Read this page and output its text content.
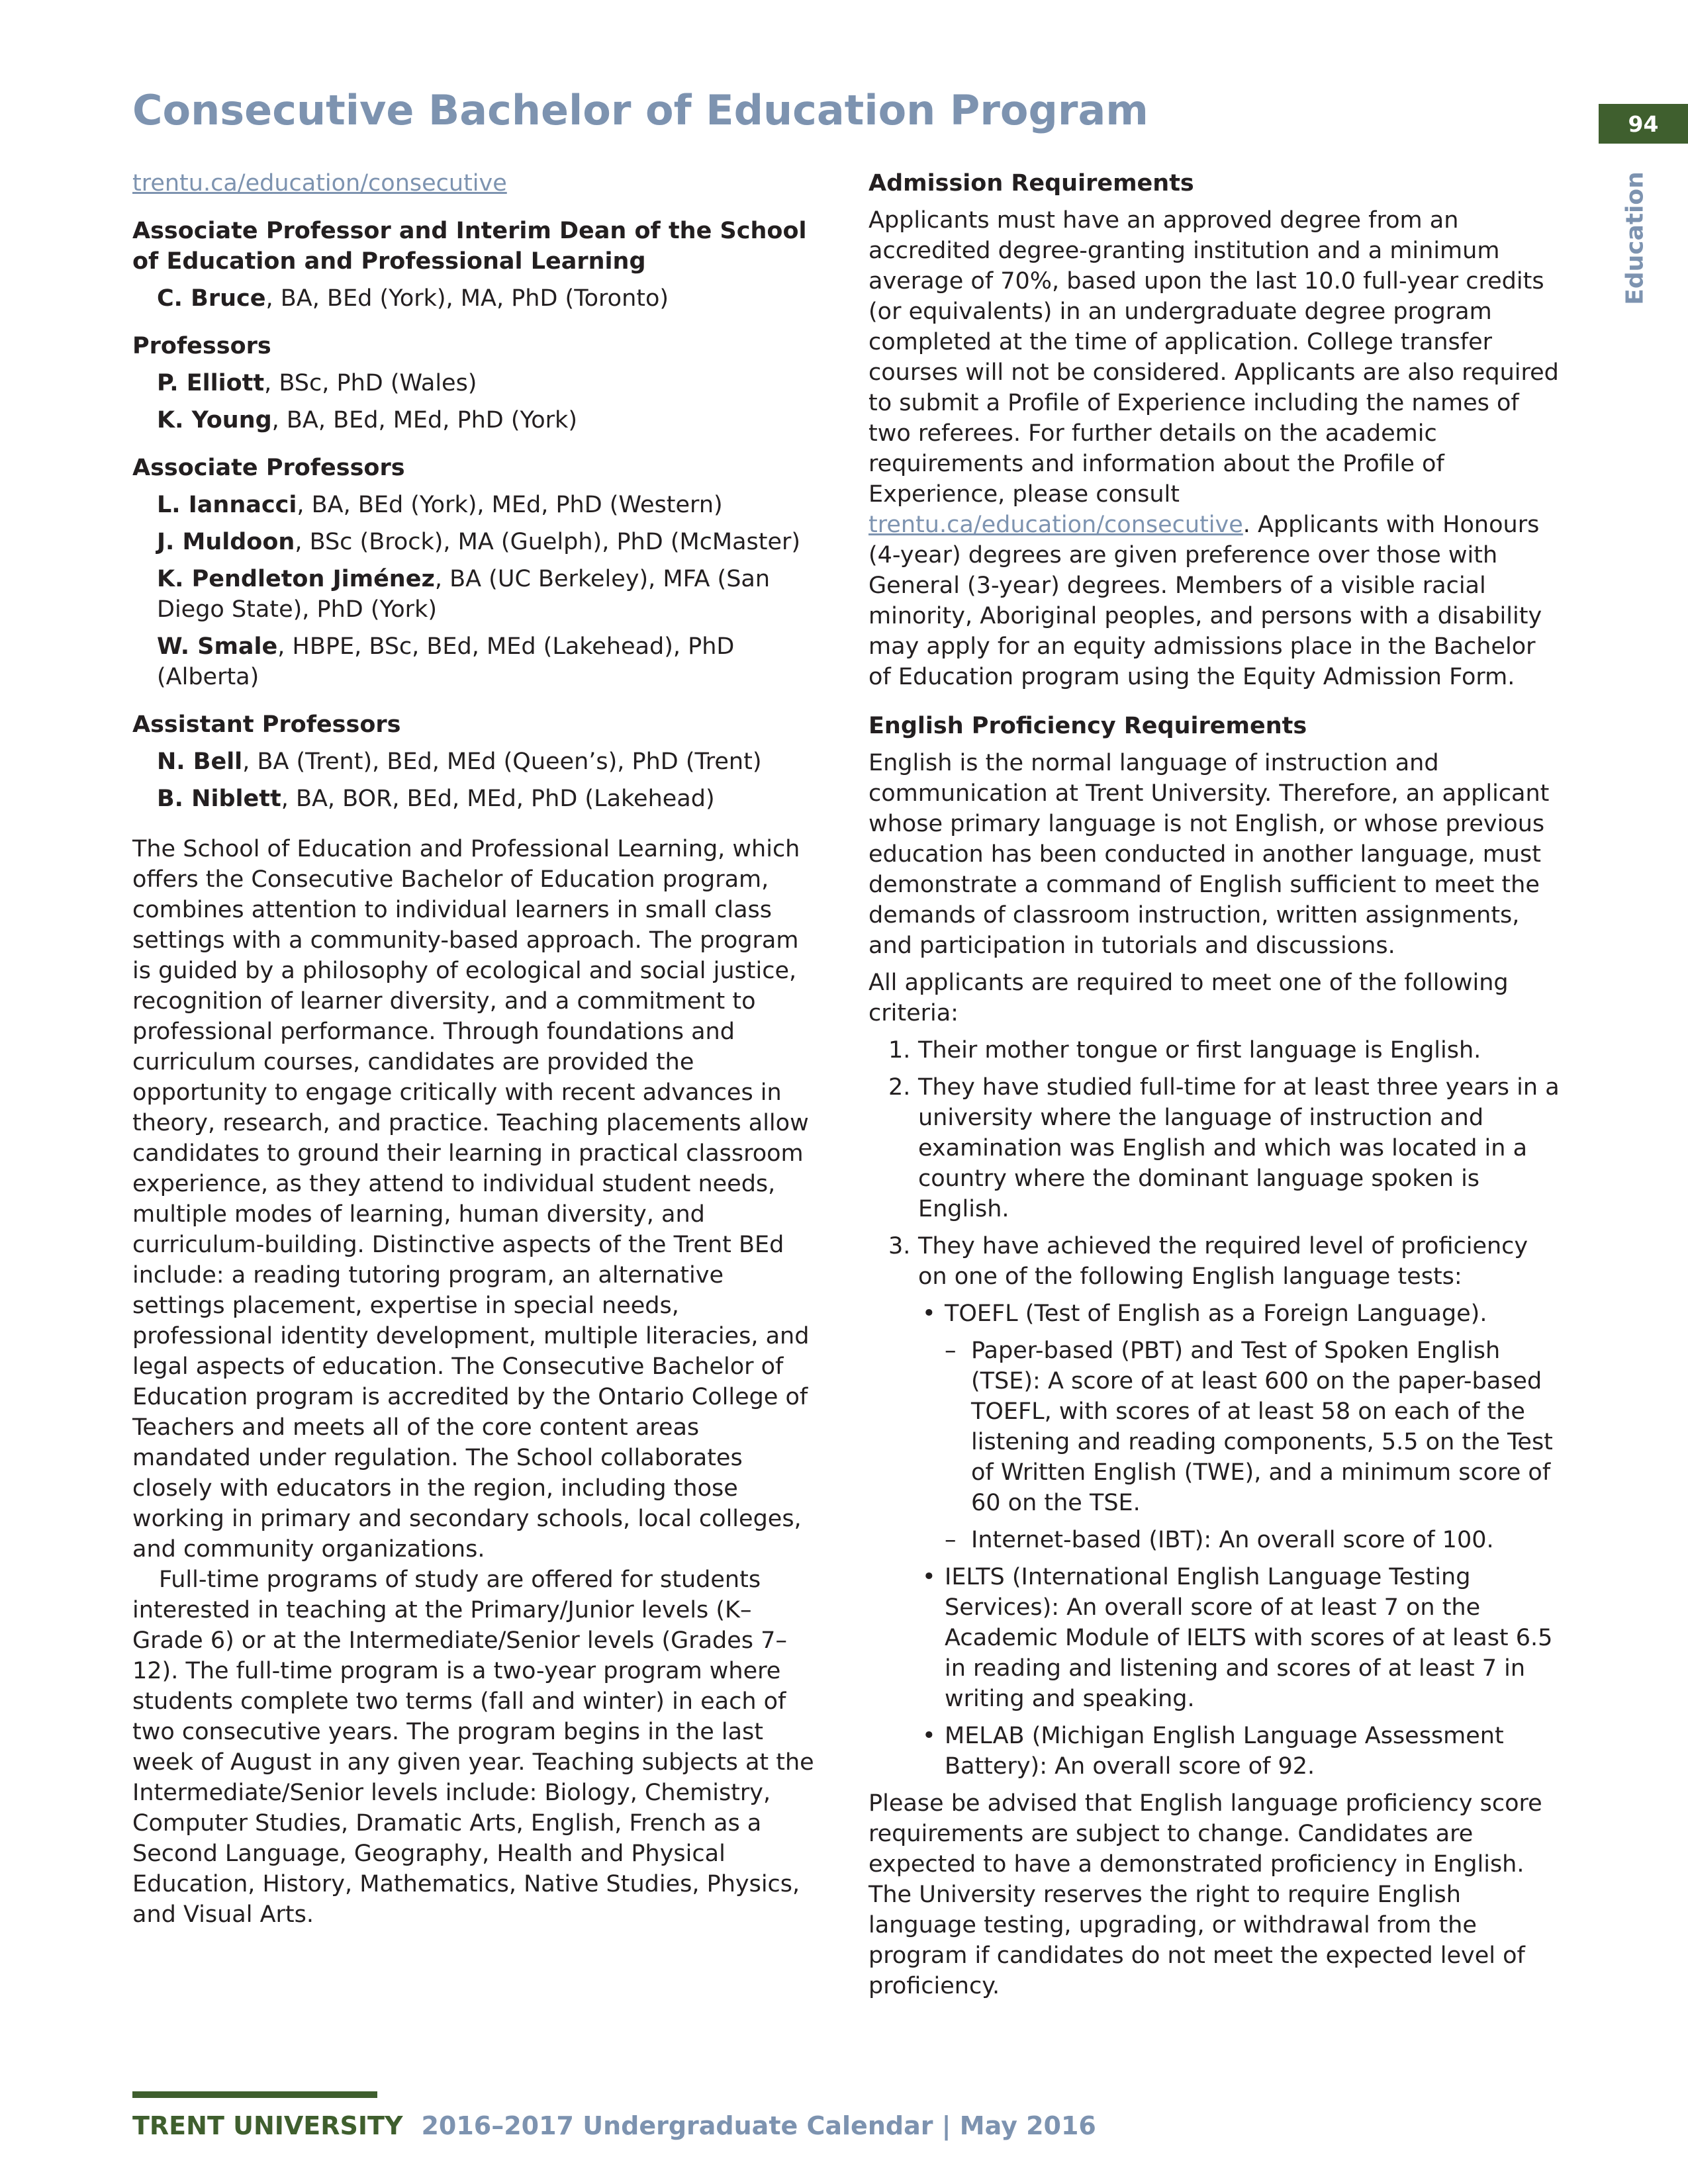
Consecutive Bachelor of Education Program	94
Education
trentu.ca/education/consecutive

Associate Professor and Interim Dean of the School of Education and Professional Learning

C. Bruce, BA, BEd (York), MA, PhD (Toronto)

Professors

P. Elliott, BSc, PhD (Wales)

K. Young, BA, BEd, MEd, PhD (York)

Associate Professors

L. Iannacci, BA, BEd (York), MEd, PhD (Western)

J. Muldoon, BSc (Brock), MA (Guelph), PhD (McMaster)

K. Pendleton Jiménez, BA (UC Berkeley), MFA (San Diego State), PhD (York)

W. Smale, HBPE, BSc, BEd, MEd (Lakehead), PhD (Alberta)

Assistant Professors

N. Bell, BA (Trent), BEd, MEd (Queen’s), PhD (Trent)

B. Niblett, BA, BOR, BEd, MEd, PhD (Lakehead)

The School of Education and Professional Learning, which offers the Consecutive Bachelor of Education program, combines attention to individual learners in small class settings with a community-based approach. The program is guided by a philosophy of ecological and social justice, recognition of learner diversity, and a commitment to professional performance. Through foundations and curriculum courses, candidates are provided the opportunity to engage critically with recent advances in theory, research, and practice. Teaching placements allow candidates to ground their learning in practical classroom experience, as they attend to individual student needs, multiple modes of learning, human diversity, and curriculum-building. Distinctive aspects of the Trent BEd include: a reading tutoring program, an alternative settings placement, expertise in special needs, professional identity development, multiple literacies, and legal aspects of education. The Consecutive Bachelor of Education program is accredited by the Ontario College of Teachers and meets all of the core content areas mandated under regulation. The School collaborates closely with educators in the region, including those working in primary and secondary schools, local colleges, and community organizations.

Full-time programs of study are offered for students interested in teaching at the Primary/Junior levels (K–Grade 6) or at the Intermediate/Senior levels (Grades 7–12). The full-time program is a two-year program where students complete two terms (fall and winter) in each of two consecutive years. The program begins in the last week of August in any given year. Teaching subjects at the Intermediate/Senior levels include: Biology, Chemistry, Computer Studies, Dramatic Arts, English, French as a Second Language, Geography, Health and Physical Education, History, Mathematics, Native Studies, Physics, and Visual Arts.

Admission Requirements

Applicants must have an approved degree from an accredited degree-granting institution and a minimum average of 70%, based upon the last 10.0 full-year credits (or equivalents) in an undergraduate degree program completed at the time of application. College transfer courses will not be considered. Applicants are also required to submit a Profile of Experience including the names of two referees. For further details on the academic requirements and information about the Profile of Experience, please consult trentu.ca/education/consecutive. Applicants with Honours (4-year) degrees are given preference over those with General (3-year) degrees. Members of a visible racial minority, Aboriginal peoples, and persons with a disability may apply for an equity admissions place in the Bachelor of Education program using the Equity Admission Form.

English Proficiency Requirements

English is the normal language of instruction and communication at Trent University. Therefore, an applicant whose primary language is not English, or whose previous education has been conducted in another language, must demonstrate a command of English sufficient to meet the demands of classroom instruction, written assignments, and participation in tutorials and discussions.

All applicants are required to meet one of the following criteria:

1. Their mother tongue or first language is English.

2. They have studied full-time for at least three years in a university where the language of instruction and examination was English and which was located in a country where the dominant language spoken is English.

3. They have achieved the required level of proficiency on one of the following English language tests:

• TOEFL (Test of English as a Foreign Language).

– Paper-based (PBT) and Test of Spoken English (TSE): A score of at least 600 on the paper-based TOEFL, with scores of at least 58 on each of the listening and reading components, 5.5 on the Test of Written English (TWE), and a minimum score of 60 on the TSE.

– Internet-based (IBT): An overall score of 100.

• IELTS (International English Language Testing Services): An overall score of at least 7 on the Academic Module of IELTS with scores of at least 6.5 in reading and listening and scores of at least 7 in writing and speaking.

• MELAB (Michigan English Language Assessment Battery): An overall score of 92.

Please be advised that English language proficiency score requirements are subject to change. Candidates are expected to have a demonstrated proficiency in English. The University reserves the right to require English language testing, upgrading, or withdrawal from the program if candidates do not meet the expected level of proficiency.

TRENT UNIVERSITY 2016–2017 Undergraduate Calendar | May 2016
